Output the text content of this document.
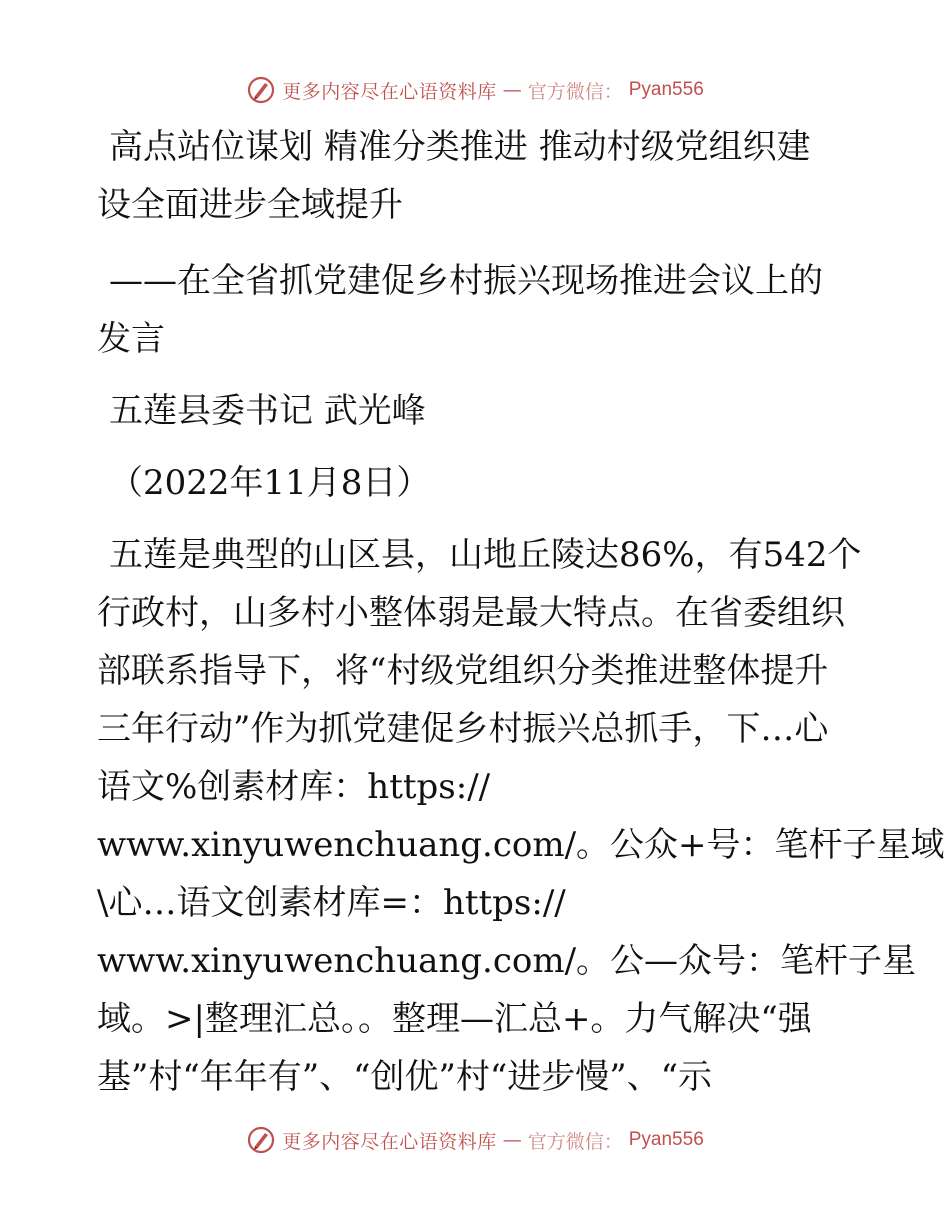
更多内容尽在心语资料库 — 官方微信： Pyan556
高点站位谋划 精准分类推进 推动村级党组织建
设全面进步全域提升
——在全省抓党建促乡村振兴现场推进会议上的
发言
五莲县委书记 武光峰
（2022年11月8日）
五莲是典型的山区县，山地丘陵达86%，有542个
行政村，山多村小整体弱是最大特点。在省委组织
部联系指导下，将“村级党组织分类推进整体提升
三年行动”作为抓党建促乡村振兴总抓手，下…心
语文%创素材库：https://
www.xinyuwenchuang.com/。公众+号：笔杆子星域
\心…语文创素材库=：https://
www.xinyuwenchuang.com/。公—众号：笔杆子星
域。>|整理汇总。。整理—汇总+。力气解决“强
基”村“年年有”、“创优”村“进步慢”、“示
更多内容尽在心语资料库 — 官方微信： Pyan556
